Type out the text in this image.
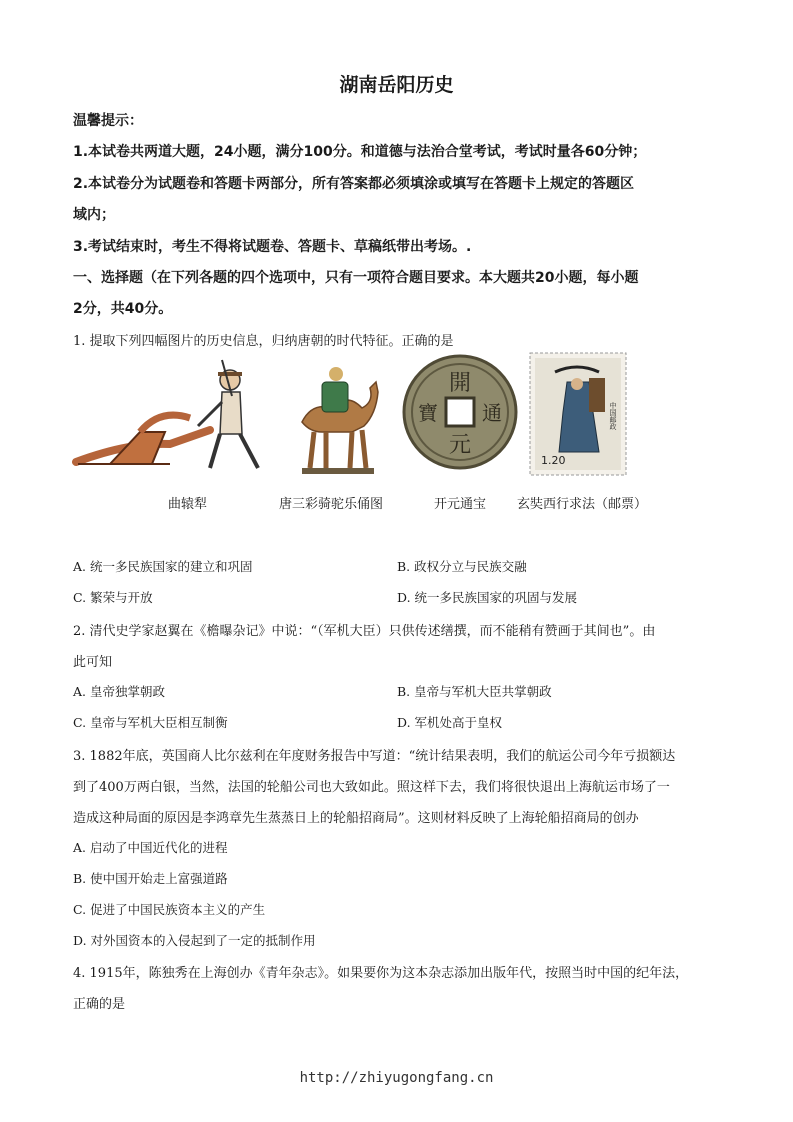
湖南岳阳历史
温馨提示：
1.本试卷共两道大题，24小题，满分100分。和道德与法治合堂考试，考试时量各60分钟；
2.本试卷分为试题卷和答题卡两部分，所有答案都必须填涂或填写在答题卡上规定的答题区
域内；
3.考试结束时，考生不得将试题卷、答题卡、草稿纸带出考场。.
一、选择题（在下列各题的四个选项中，只有一项符合题目要求。本大题共20小题，每小题
2分，共40分。
1. 提取下列四幅图片的历史信息，归纳唐朝的时代特征。正确的是
開
通
元
寶
1.20
中国邮政
曲辕犁	唐三彩骑驼乐俑图	开元通宝 玄奘西行求法（邮票）
A. 统一多民族国家的建立和巩固	B. 政权分立与民族交融
C. 繁荣与开放	D. 统一多民族国家的巩固与发展
2. 清代史学家赵翼在《檐曝杂记》中说：“（军机大臣）只供传述缮撰，而不能稍有赞画于其间也”。由
此可知
A. 皇帝独掌朝政	B. 皇帝与军机大臣共掌朝政
C. 皇帝与军机大臣相互制衡	D. 军机处高于皇权
3. 1882年底，英国商人比尔兹利在年度财务报告中写道：“统计结果表明，我们的航运公司今年亏损额达
到了400万两白银，当然，法国的轮船公司也大致如此。照这样下去，我们将很快退出上海航运市场了一
造成这种局面的原因是李鸿章先生蒸蒸日上的轮船招商局”。这则材料反映了上海轮船招商局的创办
A. 启动了中国近代化的进程
B. 使中国开始走上富强道路
C. 促进了中国民族资本主义的产生
D. 对外国资本的入侵起到了一定的抵制作用
4. 1915年，陈独秀在上海创办《青年杂志》。如果要你为这本杂志添加出版年代，按照当时中国的纪年法，
正确的是
http://zhiyugongfang.cn
